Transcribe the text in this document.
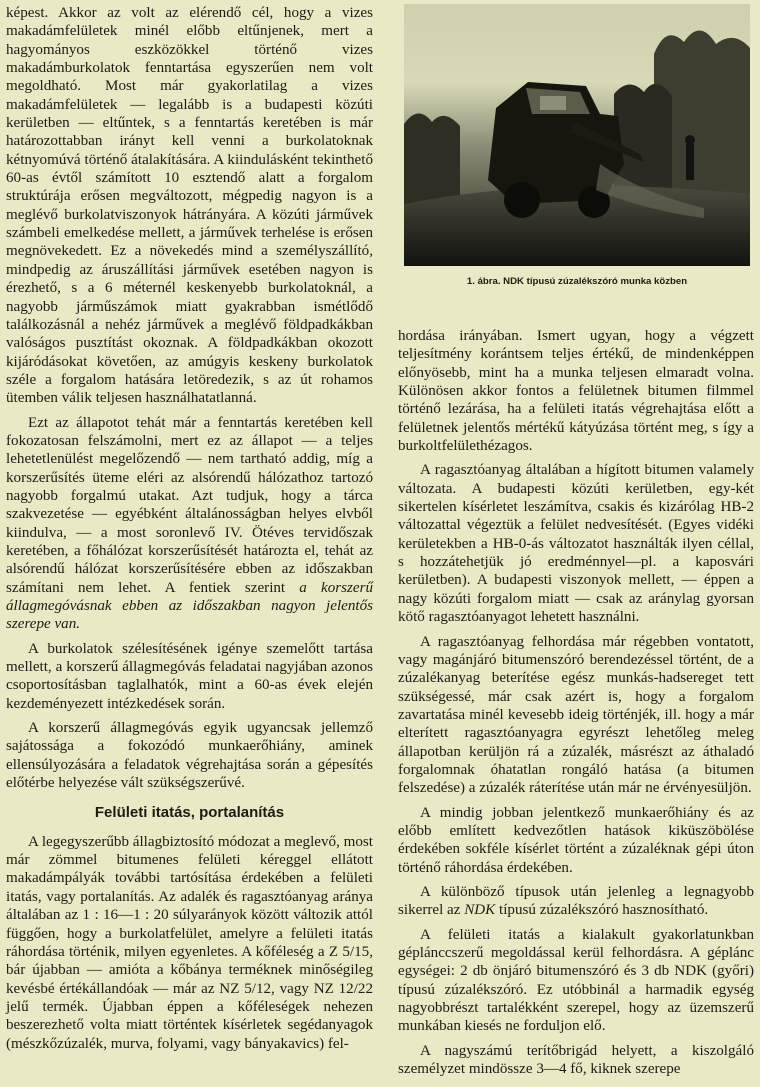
képest. Akkor az volt az elérendő cél, hogy a vizes makadámfelületek minél előbb eltűnjenek, mert a hagyományos eszközökkel történő vizes makadámburkolatok fenntartása egyszerűen nem volt megoldható. Most már gyakorlatilag a vizes makadámfelületek — legalább is a budapesti közúti kerületben — eltűntek, s a fenntartás keretében is már határozottabban irányt kell venni a burkolatoknak kétnyomúvá történő átalakítására. A kiindulásként tekinthető 60-as évtől számított 10 esztendő alatt a forgalom struktúrája erősen megváltozott, mégpedig nagyon is a meglévő burkolatviszonyok hátrányára. A közúti járművek számbeli emelkedése mellett, a járművek terhelése is erősen megnövekedett. Ez a növekedés mind a személyszállító, mindpedig az áruszállítási járművek esetében nagyon is érezhető, s a 6 méternél keskenyebb burkolatoknál, a nagyobb járműszámok miatt gyakrabban ismétlődő találkozásnál a nehéz járművek a meglévő földpadkákban valóságos pusztítást okoznak. A földpadkákban okozott kijáródásokat követően, az amúgyis keskeny burkolatok széle a forgalom hatására letöredezik, s az út rohamos ütemben válik teljesen használhatatlanná.

Ezt az állapotot tehát már a fenntartás keretében kell fokozatosan felszámolni, mert ez az állapot — a teljes lehetetlenülést megelőzendő — nem tartható addig, míg a korszerűsítés üteme eléri az alsórendű hálózathoz tartozó nagyobb forgalmú utakat. Azt tudjuk, hogy a tárca szakvezetése — egyébként általánosságban helyes elvből kiindulva, — a most soronlevő IV. Ötéves tervidőszak keretében, a főhálózat korszerűsítését határozta el, tehát az alsórendű hálózat korszerűsítésére ebben az időszakban számítani nem lehet. A fentiek szerint a korszerű állagmegóvásnak ebben az időszakban nagyon jelentős szerepe van.

A burkolatok szélesítésének igénye szemelőtt tartása mellett, a korszerű állagmegóvás feladatai nagyjában azonos csoportosításban taglalhatók, mint a 60-as évek elején kezdeményezett intézkedések során.

A korszerű állagmegóvás egyik ugyancsak jellemző sajátossága a fokozódó munkaerőhiány, aminek ellensúlyozására a feladatok végrehajtása során a gépesítés előtérbe helyezése vált szükségszerűvé.

Felületi itatás, portalanítás

A legegyszerűbb állagbiztosító módozat a meglevő, most már zömmel bitumenes felületi kéreggel ellátott makadámpályák további tartósítása érdekében a felületi itatás, vagy portalanítás. Az adalék és ragasztóanyag aránya általában az 1 : 16—1 : 20 súlyarányok között változik attól függően, hogy a burkolatfelület, amelyre a felületi itatás ráhordása történik, milyen egyenletes. A kőféleség a Z 5/15, bár újabban — amióta a kőbánya terméknek minőségileg kevésbé értékállandóak — már az NZ 5/12, vagy NZ 12/22 jelű termék. Újabban éppen a kőféleségek nehezen beszerezhető volta miatt történtek kísérletek segédanyagok (mészkőzúzalék, murva, folyami, vagy bányakavics) fel-

1. ábra. NDK típusú zúzalékszóró munka közben

hordása irányában. Ismert ugyan, hogy a végzett teljesítmény korántsem teljes értékű, de mindenképpen előnyösebb, mint ha a munka teljesen elmaradt volna. Különösen akkor fontos a felületnek bitumen filmmel történő lezárása, ha a felületi itatás végrehajtása előtt a felületnek jelentős mértékű kátyúzása történt meg, s így a burkoltfelülethézagos.

A ragasztóanyag általában a hígított bitumen valamely változata. A budapesti közúti kerületben, egy-két sikertelen kísérletet leszámítva, csakis és kizárólag HB-2 változattal végeztük a felület nedvesítését. (Egyes vidéki kerületekben a HB-0-ás változatot használták ilyen céllal, s hozzátehetjük jó eredménnyel—pl. a kaposvári kerületben). A budapesti viszonyok mellett, — éppen a nagy közúti forgalom miatt — csak az aránylag gyorsan kötő ragasztóanyagot lehetett használni.

A ragasztóanyag felhordása már régebben vontatott, vagy magánjáró bitumenszóró berendezéssel történt, de a zúzalékanyag beterítése egész munkás-hadsereget tett szükségessé, már csak azért is, hogy a forgalom zavartatása minél kevesebb ideig történjék, ill. hogy a már elterített ragasztóanyagra egyrészt lehetőleg meleg állapotban kerüljön rá a zúzalék, másrészt az áthaladó forgalomnak óhatatlan rongáló hatása (a bitumen felszedése) a zúzalék ráterítése után már ne érvényesüljön.

A mindig jobban jelentkező munkaerőhiány és az előbb említett kedvezőtlen hatások kiküszöbölése érdekében sokféle kísérlet történt a zúzaléknak gépi úton történő ráhordása érdekében.

A különböző típusok után jelenleg a legnagyobb sikerrel az NDK típusú zúzalékszóró hasznosítható.

A felületi itatás a kialakult gyakorlatunkban géplánccszerű megoldással kerül felhordásra. A géplánc egységei: 2 db önjáró bitumenszóró és 3 db NDK (győri) típusú zúzalékszóró. Ez utóbbinál a harmadik egység nagyobbrészt tartalékként szerepel, hogy az üzemszerű munkában kiesés ne forduljon elő.

A nagyszámú terítőbrigád helyett, a kiszolgáló személyzet mindössze 3—4 fő, kiknek szerepe
